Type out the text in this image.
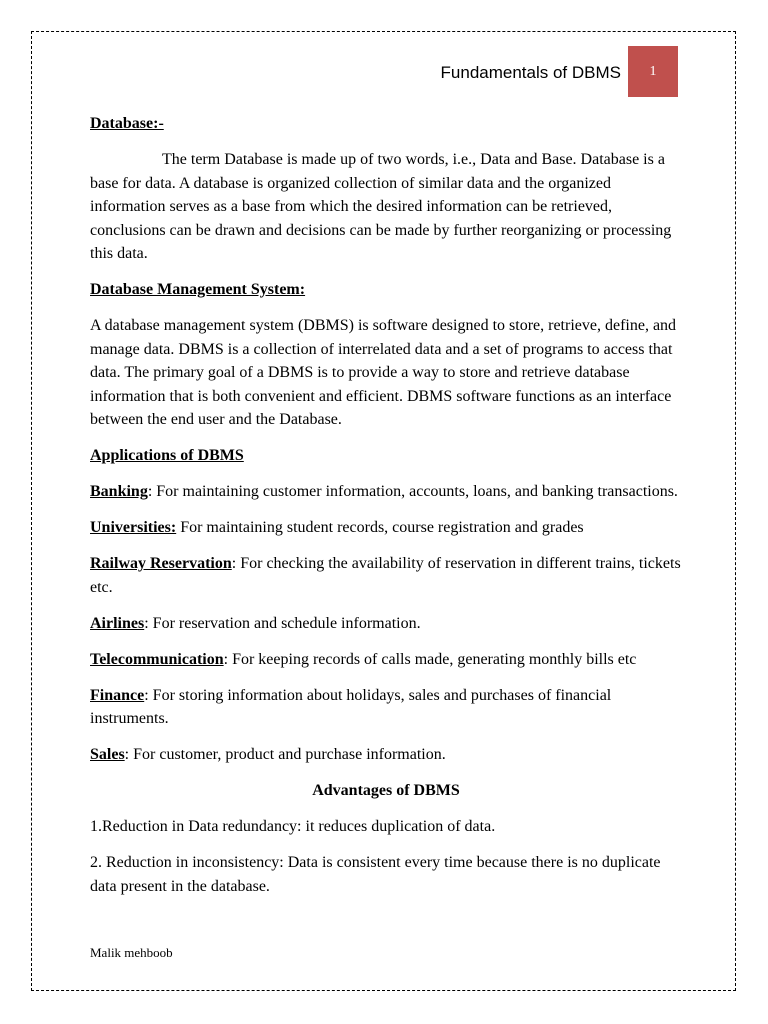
Fundamentals of DBMS 1

Database:-

The term Database is made up of two words, i.e., Data and Base. Database is a base for data. A database is organized collection of similar data and the organized information serves as a base from which the desired information can be retrieved, conclusions can be drawn and decisions can be made by further reorganizing or processing this data.

Database Management System:

A database management system (DBMS) is software designed to store, retrieve, define, and manage data. DBMS is a collection of interrelated data and a set of programs to access that data. The primary goal of a DBMS is to provide a way to store and retrieve database information that is both convenient and efficient. DBMS software functions as an interface between the end user and the Database.

Applications of DBMS

Banking: For maintaining customer information, accounts, loans, and banking transactions.

Universities: For maintaining student records, course registration and grades

Railway Reservation: For checking the availability of reservation in different trains, tickets etc.

Airlines: For reservation and schedule information.

Telecommunication: For keeping records of calls made, generating monthly bills etc

Finance: For storing information about holidays, sales and purchases of financial instruments.

Sales: For customer, product and purchase information.

Advantages of DBMS

1.Reduction in Data redundancy: it reduces duplication of data.

2. Reduction in inconsistency: Data is consistent every time because there is no duplicate data present in the database.

Malik mehboob
